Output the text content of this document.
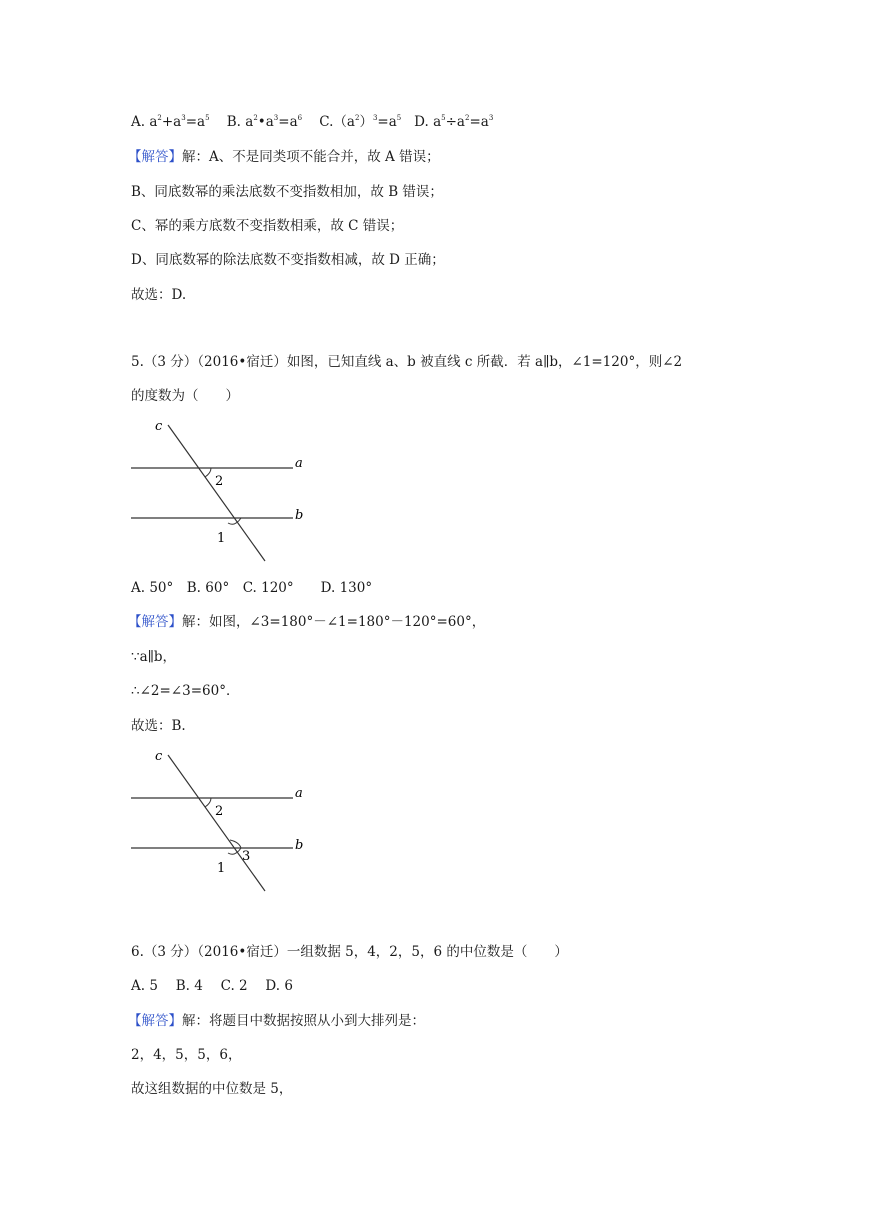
A. $a^2+a^3=a^5$ B. $a^2•a^3=a^6$ $C.(a^2)^3=a^5$ D. $a^5\div a^2=a^3$
【解答】解：A、不是同类项不能合并，故 A 错误；
B、同底数幂的乘法底数不变指数相加，故 B 错误；
C、幂的乘方底数不变指数相乘，故 C 错误；
D、同底数幂的除法底数不变指数相减，故 D 正确；
故选：D.
5.（3 分）（2016•宿迁）如图，已知直线 a、b 被直线 c 所截．若 a∥b，∠1=120°，则∠2
的度数为（　　）
c
a
b
2
1
A. 50°　B. 60°　C. 120°　　D. 130°
【解答】解：如图，∠3=180°－∠1=180°－120°=60°，
∵a∥b，
∴∠2=∠3=60°．
故选：B.
c
a
b
2
1
3
6.（3 分）（2016•宿迁）一组数据 5，4，2，5，6 的中位数是（　　）
A. 5　 B. 4　 C. 2　 D. 6
【解答】解：将题目中数据按照从小到大排列是：
2，4，5，5，6，
故这组数据的中位数是 5，
